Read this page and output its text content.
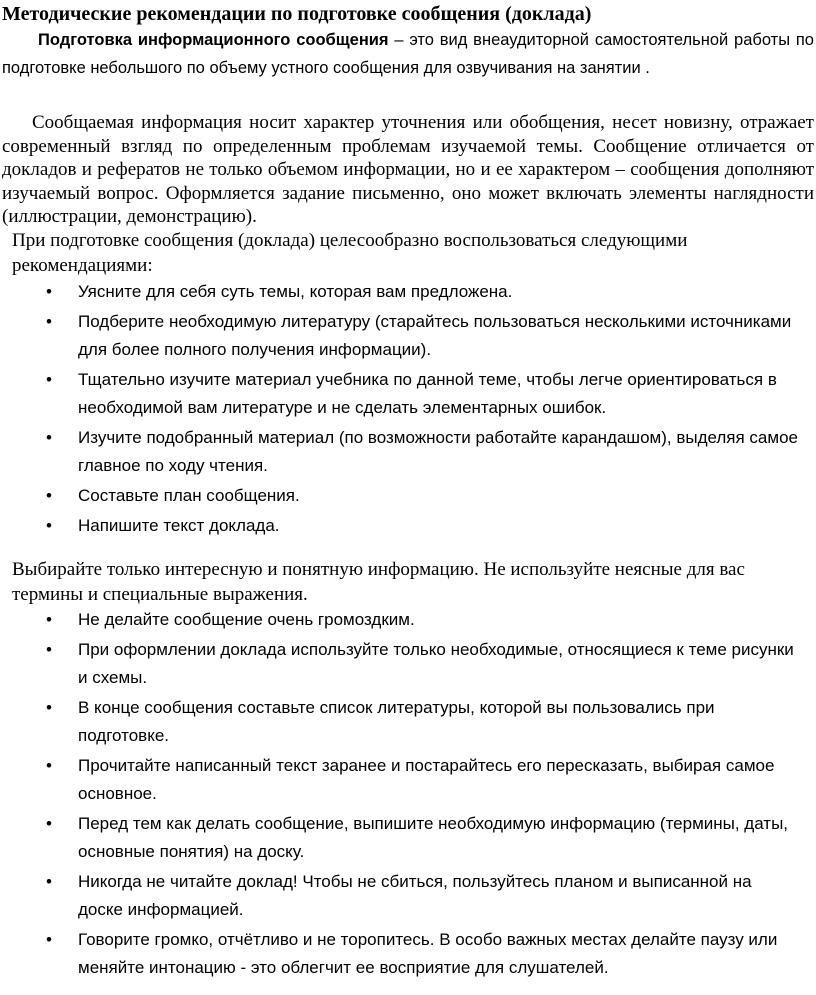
Методические рекомендации по подготовке сообщения (доклада)
Подготовка информационного сообщения – это вид внеаудиторной самостоятельной работы по подготовке небольшого по объему устного сообщения для озвучивания на занятии .
Сообщаемая информация носит характер уточнения или обобщения, несет новизну, отражает современный взгляд по определенным проблемам изучаемой темы. Сообщение отличается от докладов и рефератов не только объемом информации, но и ее характером – сообщения дополняют изучаемый вопрос. Оформляется задание письменно, оно может включать элементы наглядности (иллюстрации, демонстрацию).
При подготовке сообщения (доклада) целесообразно воспользоваться следующими рекомендациями:
• Уясните для себя суть темы, которая вам предложена.
• Подберите необходимую литературу (старайтесь пользоваться несколькими источниками для более полного получения информации).
• Тщательно изучите материал учебника по данной теме, чтобы легче ориентироваться в необходимой вам литературе и не сделать элементарных ошибок.
• Изучите подобранный материал (по возможности работайте карандашом), выделяя самое главное по ходу чтения.
• Составьте план сообщения.
• Напишите текст доклада.
Выбирайте только интересную и понятную информацию. Не используйте неясные для вас термины и специальные выражения.
• Не делайте сообщение очень громоздким.
• При оформлении доклада используйте только необходимые, относящиеся к теме рисунки и схемы.
• В конце сообщения составьте список литературы, которой вы пользовались при подготовке.
• Прочитайте написанный текст заранее и постарайтесь его пересказать, выбирая самое основное.
• Перед тем как делать сообщение, выпишите необходимую информацию (термины, даты, основные понятия) на доску.
• Никогда не читайте доклад! Чтобы не сбиться, пользуйтесь планом и выписанной на доске информацией.
• Говорите громко, отчётливо и не торопитесь. В особо важных местах делайте паузу или меняйте интонацию - это облегчит ее восприятие для слушателей.
